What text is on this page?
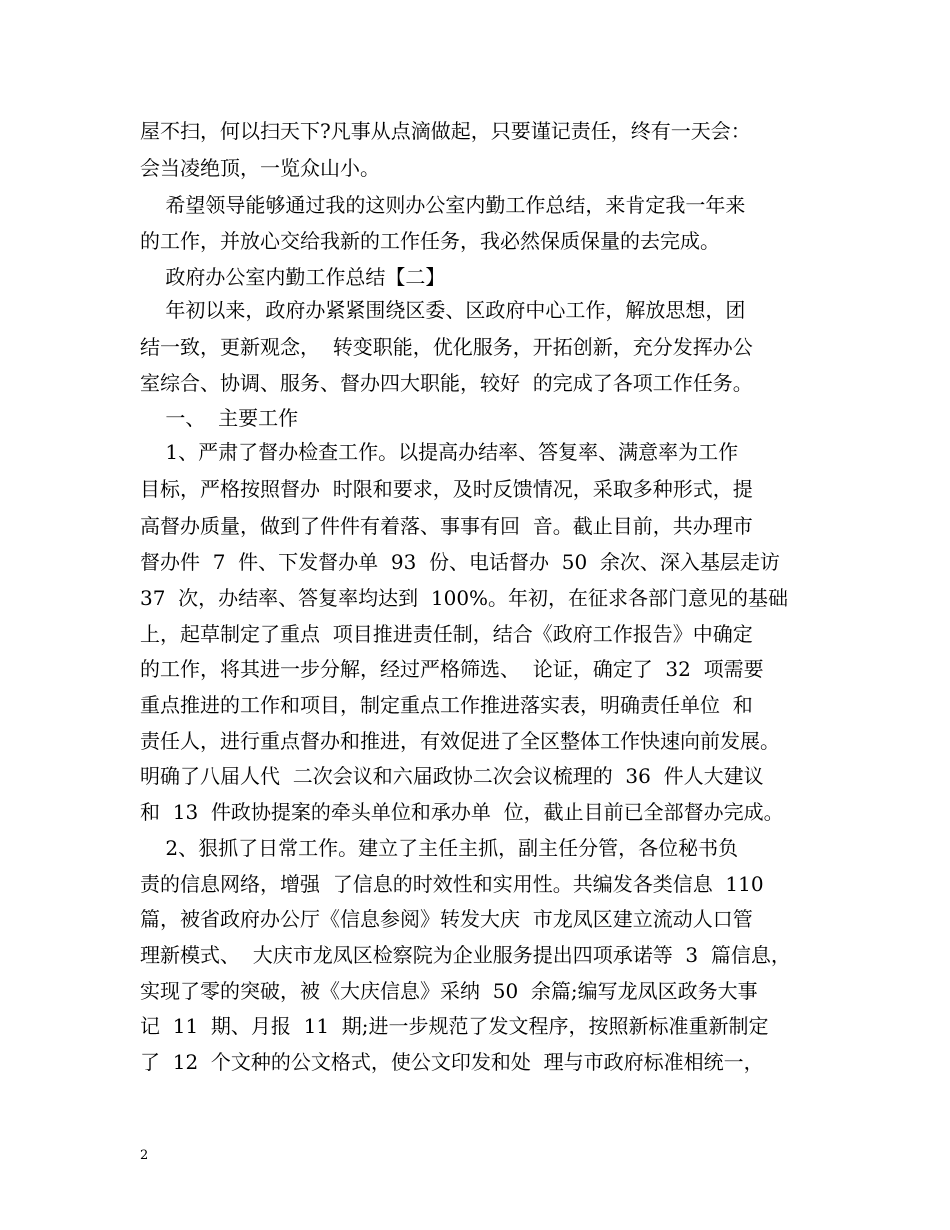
屋不扫，何以扫天下?凡事从点滴做起，只要谨记责任，终有一天会：
会当凌绝顶，一览众山小。
希望领导能够通过我的这则办公室内勤工作总结，来肯定我一年来
的工作，并放心交给我新的工作任务，我必然保质保量的去完成。
政府办公室内勤工作总结【二】
年初以来，政府办紧紧围绕区委、区政府中心工作，解放思想，团
结一致，更新观念，  转变职能，优化服务，开拓创新，充分发挥办公
室综合、协调、服务、督办四大职能，较好  的完成了各项工作任务。
一、  主要工作
1、严肃了督办检查工作。以提高办结率、答复率、满意率为工作
目标，严格按照督办  时限和要求，及时反馈情况，采取多种形式，提
高督办质量，做到了件件有着落、事事有回  音。截止目前，共办理市
督办件  7  件、下发督办单  93  份、电话督办  50  余次、深入基层走访
37  次，办结率、答复率均达到  100%。年初，在征求各部门意见的基础
上，起草制定了重点  项目推进责任制，结合《政府工作报告》中确定
的工作，将其进一步分解，经过严格筛选、  论证，确定了  32  项需要
重点推进的工作和项目，制定重点工作推进落实表，明确责任单位  和
责任人，进行重点督办和推进，有效促进了全区整体工作快速向前发展。
明确了八届人代  二次会议和六届政协二次会议梳理的  36  件人大建议
和  13  件政协提案的牵头单位和承办单  位，截止目前已全部督办完成。
2、狠抓了日常工作。建立了主任主抓，副主任分管，各位秘书负
责的信息网络，增强  了信息的时效性和实用性。共编发各类信息  110
篇，被省政府办公厅《信息参阅》转发大庆  市龙凤区建立流动人口管
理新模式、  大庆市龙凤区检察院为企业服务提出四项承诺等  3  篇信息，
实现了零的突破，被《大庆信息》采纳  50  余篇;编写龙凤区政务大事
记  11  期、月报  11  期;进一步规范了发文程序，按照新标准重新制定
了  12  个文种的公文格式，使公文印发和处  理与市政府标准相统一，
2
